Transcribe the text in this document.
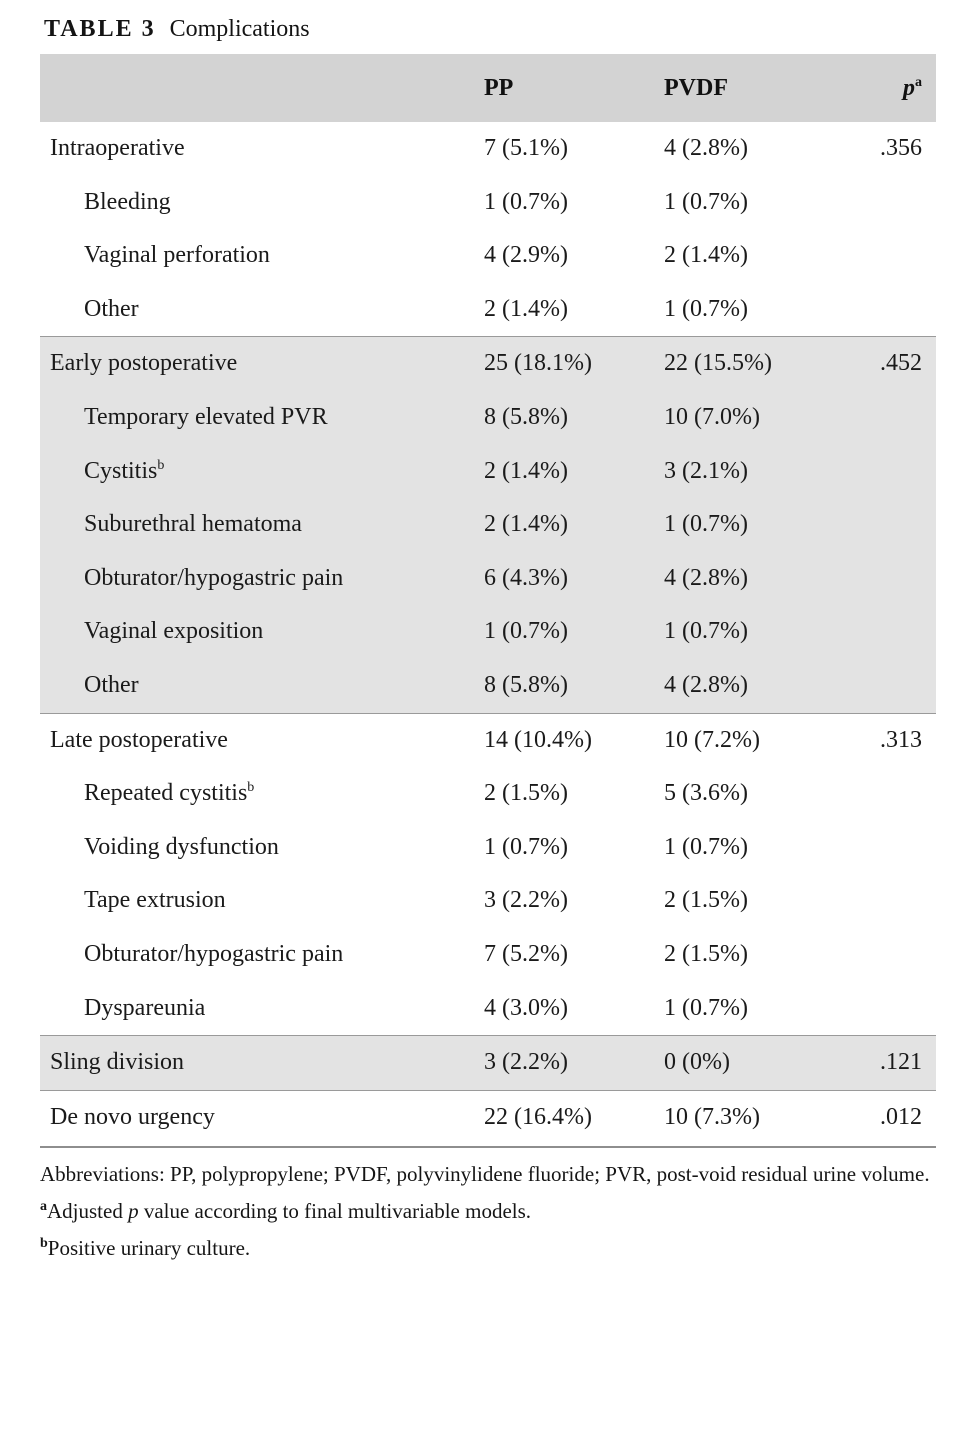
TABLE 3 Complications
	PP	PVDF	$p^a$
Intraoperative	7 (5.1%)	4 (2.8%)	.356
Bleeding	1 (0.7%)	1 (0.7%)	
Vaginal perforation	4 (2.9%)	2 (1.4%)	
Other	2 (1.4%)	1 (0.7%)	

Early postoperative	25 (18.1%)	22 (15.5%)	.452
Temporary elevated PVR	8 (5.8%)	10 (7.0%)	
Cystitis$^b$	2 (1.4%)	3 (2.1%)	
Suburethral hematoma	2 (1.4%)	1 (0.7%)	
Obturator/hypogastric pain	6 (4.3%)	4 (2.8%)	
Vaginal exposition	1 (0.7%)	1 (0.7%)	
Other	8 (5.8%)	4 (2.8%)	

Late postoperative	14 (10.4%)	10 (7.2%)	.313
Repeated cystitis$^b$	2 (1.5%)	5 (3.6%)	
Voiding dysfunction	1 (0.7%)	1 (0.7%)	
Tape extrusion	3 (2.2%)	2 (1.5%)	
Obturator/hypogastric pain	7 (5.2%)	2 (1.5%)	
Dyspareunia	4 (3.0%)	1 (0.7%)	

Sling division	3 (2.2%)	0 (0%)	.121

De novo urgency	22 (16.4%)	10 (7.3%)	.012

Abbreviations: PP, polypropylene; PVDF, polyvinylidene fluoride; PVR, post-void residual urine volume.

$^a$Adjusted p value according to final multivariable models.

$^b$Positive urinary culture.
